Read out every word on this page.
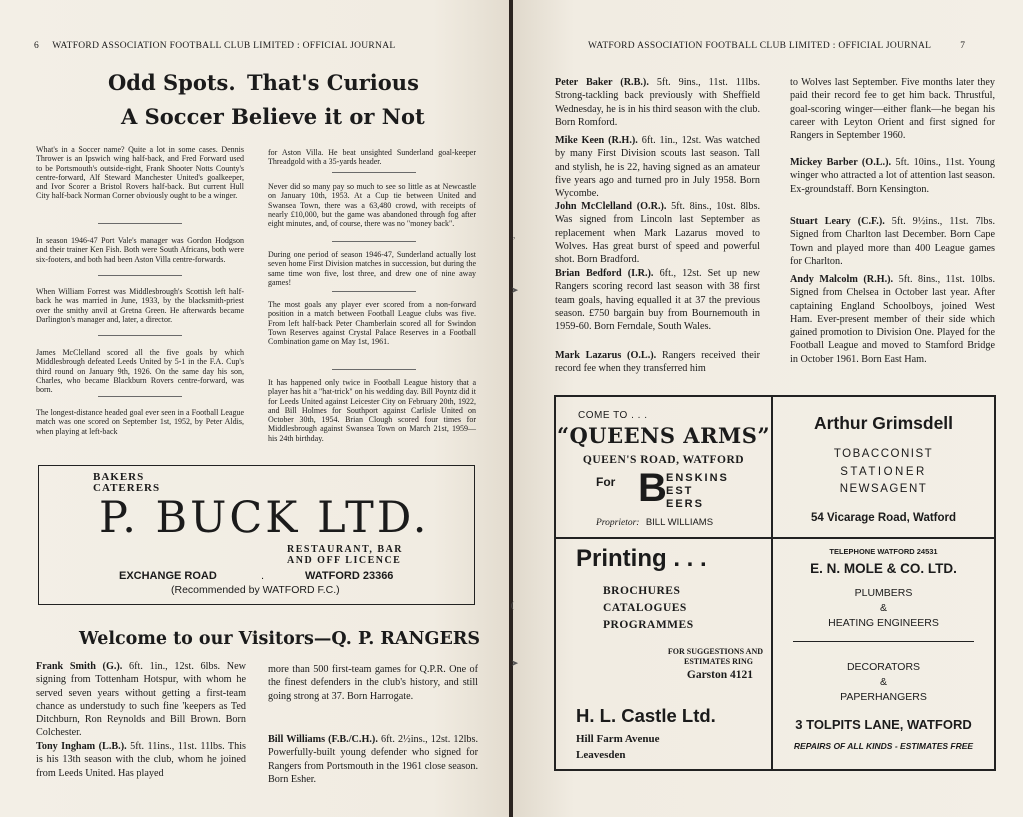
6 WATFORD ASSOCIATION FOOTBALL CLUB LIMITED : OFFICIAL JOURNAL
Odd Spots. That's Curious
A Soccer Believe it or Not
What's in a Soccer name? Quite a lot in some cases. Dennis Thrower is an Ipswich wing half-back, and Fred Forward used to be Portsmouth's outside-right, Frank Shooter Notts County's centre-forward, Alf Steward Manchester United's goalkeeper, and Ivor Scorer a Bristol Rovers half-back. But current Hull City half-back Norman Corner obviously ought to be a winger.
In season 1946-47 Port Vale's manager was Gordon Hodgson and their trainer Ken Fish. Both were South Africans, both were six-footers, and both had been Aston Villa centre-forwards.
When William Forrest was Middlesbrough's Scottish left half-back he was married in June, 1933, by the blacksmith-priest over the smithy anvil at Gretna Green. He afterwards became Darlington's manager and, later, a director.
James McClelland scored all the five goals by which Middlesbrough defeated Leeds United by 5-1 in the F.A. Cup's third round on January 9th, 1926. On the same day his son, Charles, who became Blackburn Rovers centre-forward, was born.
The longest-distance headed goal ever seen in a Football League match was one scored on September 1st, 1952, by Peter Aldis, when playing at left-back
for Aston Villa. He beat unsighted Sunderland goal-keeper Threadgold with a 35-yards header.
Never did so many pay so much to see so little as at Newcastle on January 10th, 1953. At a Cup tie between United and Swansea Town, there was a 63,480 crowd, with receipts of nearly £10,000, but the game was abandoned through fog after eight minutes, and, of course, there was no "money back".
During one period of season 1946-47, Sunderland actually lost seven home First Division matches in succession, but during the same time won five, lost three, and drew one of nine away games!
The most goals any player ever scored from a non-forward position in a match between Football League clubs was five. From left half-back Peter Chamberlain scored all for Swindon Town Reserves against Crystal Palace Reserves in a Football Combination game on May 1st, 1961.
It has happened only twice in Football League history that a player has hit a "hat-trick" on his wedding day. Bill Poyntz did it for Leeds United against Leicester City on February 20th, 1922, and Bill Holmes for Southport against Carlisle United on October 30th, 1954. Brian Clough scored four times for Middlesbrough against Swansea Town on March 21st, 1959—his 24th birthday.
BAKERS
CATERERS
P. BUCK LTD.
RESTAURANT, BAR
AND OFF LICENCE
EXCHANGE ROAD	.	WATFORD 23366
(Recommended by WATFORD F.C.)
Welcome to our Visitors—Q. P. RANGERS
Frank Smith (G.). 6ft. 1in., 12st. 6lbs. New signing from Tottenham Hotspur, with whom he served seven years without getting a first-team chance as understudy to such fine 'keepers as Ted Ditchburn, Ron Reynolds and Bill Brown. Born Colchester.
Tony Ingham (L.B.). 5ft. 11ins., 11st. 11lbs. This is his 13th season with the club, whom he joined from Leeds United. Has played
more than 500 first-team games for Q.P.R. One of the finest defenders in the club's history, and still going strong at 37. Born Harrogate.
Bill Williams (F.B./C.H.). 6ft. 2½ins., 12st. 12lbs. Powerfully-built young defender who signed for Rangers from Portsmouth in the 1961 close season. Born Esher.
WATFORD ASSOCIATION FOOTBALL CLUB LIMITED : OFFICIAL JOURNAL	7
,
➤
‏(
➤
Peter Baker (R.B.). 5ft. 9ins., 11st. 11lbs. Strong-tackling back previously with Sheffield Wednesday, he is in his third season with the club. Born Romford.
Mike Keen (R.H.). 6ft. 1in., 12st. Was watched by many First Division scouts last season. Tall and stylish, he is 22, having signed as an amateur five years ago and turned pro in July 1958. Born Wycombe.
John McClelland (O.R.). 5ft. 8ins., 10st. 8lbs. Was signed from Lincoln last September as replacement when Mark Lazarus moved to Wolves. Has great burst of speed and powerful shot. Born Bradford.
Brian Bedford (I.R.). 6ft., 12st. Set up new Rangers scoring record last season with 38 first team goals, having equalled it at 37 the previous season. £750 bargain buy from Bournemouth in 1959-60. Born Ferndale, South Wales.
Mark Lazarus (O.L.). Rangers received their record fee when they transferred him
to Wolves last September. Five months later they paid their record fee to get him back. Thrustful, goal-scoring winger—either flank—he began his career with Leyton Orient and first signed for Rangers in September 1960.
Mickey Barber (O.L.). 5ft. 10ins., 11st. Young winger who attracted a lot of attention last season. Ex-groundstaff. Born Kensington.
Stuart Leary (C.F.). 5ft. 9½ins., 11st. 7lbs. Signed from Charlton last December. Born Cape Town and played more than 400 League games for Charlton.
Andy Malcolm (R.H.). 5ft. 8ins., 11st. 10lbs. Signed from Chelsea in October last year. After captaining England Schoolboys, joined West Ham. Ever-present member of their side which gained promotion to Division One. Played for the Football League and moved to Stamford Bridge in October 1961. Born East Ham.
COME TO . . .
“QUEENS ARMS”
QUEEN'S ROAD, WATFORD
For B ENSKINS
EST
EERS
Proprietor: BILL WILLIAMS
Arthur Grimsdell
TOBACCONIST
STATIONER
NEWSAGENT
54 Vicarage Road, Watford
Printing . . .
BROCHURES
CATALOGUES
PROGRAMMES
FOR SUGGESTIONS AND
ESTIMATES RING
Garston 4121
H. L. Castle Ltd.
Hill Farm Avenue
Leavesden
TELEPHONE WATFORD 24531
E. N. MOLE & CO. LTD.
PLUMBERS
&
HEATING ENGINEERS
DECORATORS
&
PAPERHANGERS
3 TOLPITS LANE, WATFORD
REPAIRS OF ALL KINDS - ESTIMATES FREE
